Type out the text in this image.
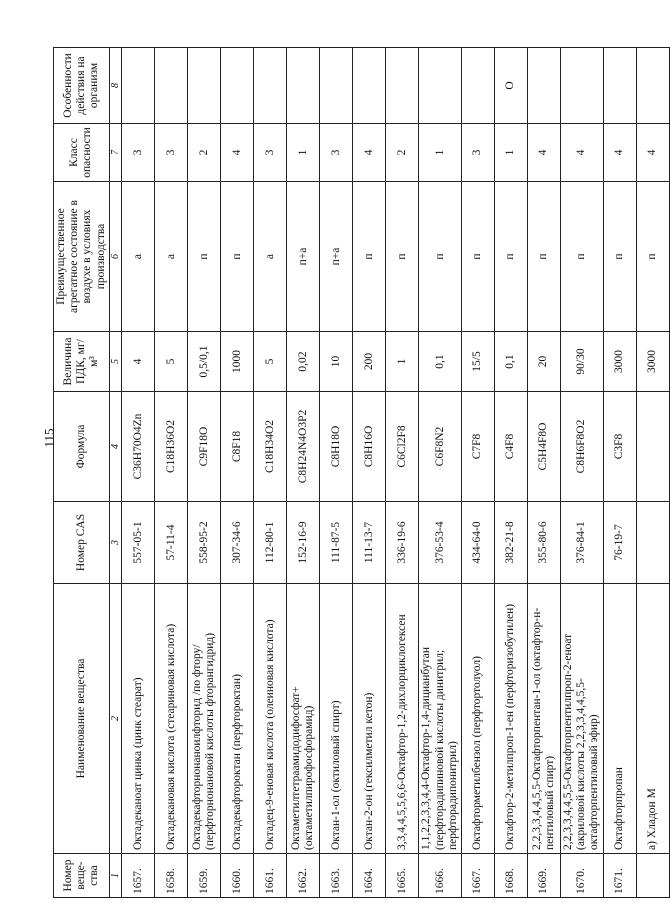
115
Номер веще- ства	Наименование вещества	Номер CAS	Формула	Величина ПДК, мг/м³	Преимущественное агрегатное состояние в воздухе в условиях производства	Класс опасности	Особенности действия на организм
1	2	3	4	5	6	7	8
1657.	Октадеканоат цинка (цинк стеарат)	557-05-1	C36H70O4Zn	4	а	3	
1658.	Октадекановая кислота (стеариновая кислота)	57-11-4	C18H36O2	5	а	3	
1659.	Октадекафторнонаноилфторид /по фтору/ (перфторнонановой кислоты фторангидрид)	558-95-2	C9F18O	0,5/0,1	п	2	
1660.	Октадекафтороктан (перфтороктан)	307-34-6	C8F18	1000	п	4	
1661.	Октадец-9-еновая кислота (олеиновая кислота)	112-80-1	C18H34O2	5	а	3	
1662.	Октаметилтетраамидодифосфат+ (октаметилпирофосфорамид)	152-16-9	C8H24N4O3P2	0,02	п+а	1	
1663.	Октан-1-ол (октиловый спирт)	111-87-5	C8H18O	10	п+а	3	
1664.	Октан-2-он (гексилметил кетон)	111-13-7	C8H16O	200	п	4	
1665.	3,3,4,4,5,5,6,6-Октафтор-1,2-дихлорциклогексен	336-19-6	C6Cl2F8	1	п	2	
1666.	1,1,2,2,3,3,4,4-Октафтор-1,4-дицианбутан (перфторадипиновой кислоты динитрил; перфторадипонитрил)	376-53-4	C6F8N2	0,1	п	1	
1667.	Октафторметилбензол (перфтортолуол)	434-64-0	C7F8	15/5	п	3	
1668.	Октафтор-2-метилпроп-1-ен (перфторизобутилен)	382-21-8	C4F8	0,1	п	1	О
1669.	2,2,3,3,4,4,5,5-Октафторпентан-1-ол (октафтор-н-пентиловый спирт)	355-80-6	C5H4F8O	20	п	4	
1670.	2,2,3,3,4,4,5,5-Октафторпентилпроп-2-еноат (акриловой кислоты 2,2,3,3,4,4,5,5-октафторпентиловый эфир)	376-84-1	C8H6F8O2	90/30	п	4	
1671.	Октафторпропан	76-19-7	C3F8	3000	п	4	
	а) Хладон М			3000	п	4	
